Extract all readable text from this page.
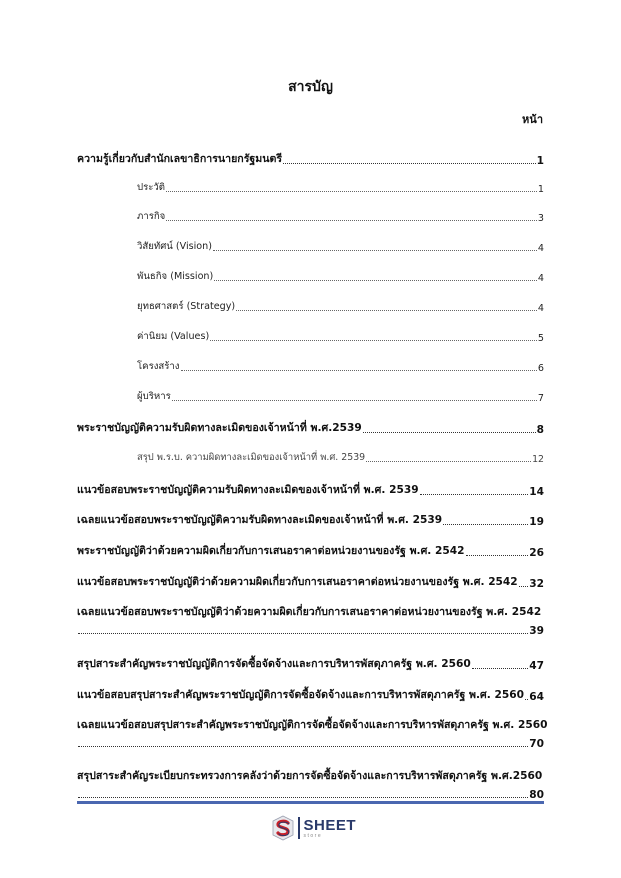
สารบัญ
หน้า
ความรู้เกี่ยวกับสำนักเลขาธิการนายกรัฐมนตรี	1
ประวัติ	1
ภารกิจ	3
วิสัยทัศน์ (Vision)	4
พันธกิจ (Mission)	4
ยุทธศาสตร์ (Strategy)	4
ค่านิยม (Values)	5
โครงสร้าง	6
ผู้บริหาร	7
พระราชบัญญัติความรับผิดทางละเมิดของเจ้าหน้าที่ พ.ศ.2539	8
สรุป พ.ร.บ. ความผิดทางละเมิดของเจ้าหน้าที่ พ.ศ. 2539	12
แนวข้อสอบพระราชบัญญัติความรับผิดทางละเมิดของเจ้าหน้าที่ พ.ศ. 2539	14
เฉลยแนวข้อสอบพระราชบัญญัติความรับผิดทางละเมิดของเจ้าหน้าที่ พ.ศ. 2539	19
พระราชบัญญัติว่าด้วยความผิดเกี่ยวกับการเสนอราคาต่อหน่วยงานของรัฐ พ.ศ. 2542	26
แนวข้อสอบพระราชบัญญัติว่าด้วยความผิดเกี่ยวกับการเสนอราคาต่อหน่วยงานของรัฐ พ.ศ. 2542 32
เฉลยแนวข้อสอบพระราชบัญญัติว่าด้วยความผิดเกี่ยวกับการเสนอราคาต่อหน่วยงานของรัฐ พ.ศ. 2542
39
สรุปสาระสำคัญพระราชบัญญัติการจัดซื้อจัดจ้างและการบริหารพัสดุภาครัฐ พ.ศ. 2560	47
แนวข้อสอบสรุปสาระสำคัญพระราชบัญญัติการจัดซื้อจัดจ้างและการบริหารพัสดุภาครัฐ พ.ศ. 2560 64
เฉลยแนวข้อสอบสรุปสาระสำคัญพระราชบัญญัติการจัดซื้อจัดจ้างและการบริหารพัสดุภาครัฐ พ.ศ. 2560
70
สรุปสาระสำคัญระเบียบกระทรวงการคลังว่าด้วยการจัดซื้อจัดจ้างและการบริหารพัสดุภาครัฐ พ.ศ.2560
80
SHEET
store
